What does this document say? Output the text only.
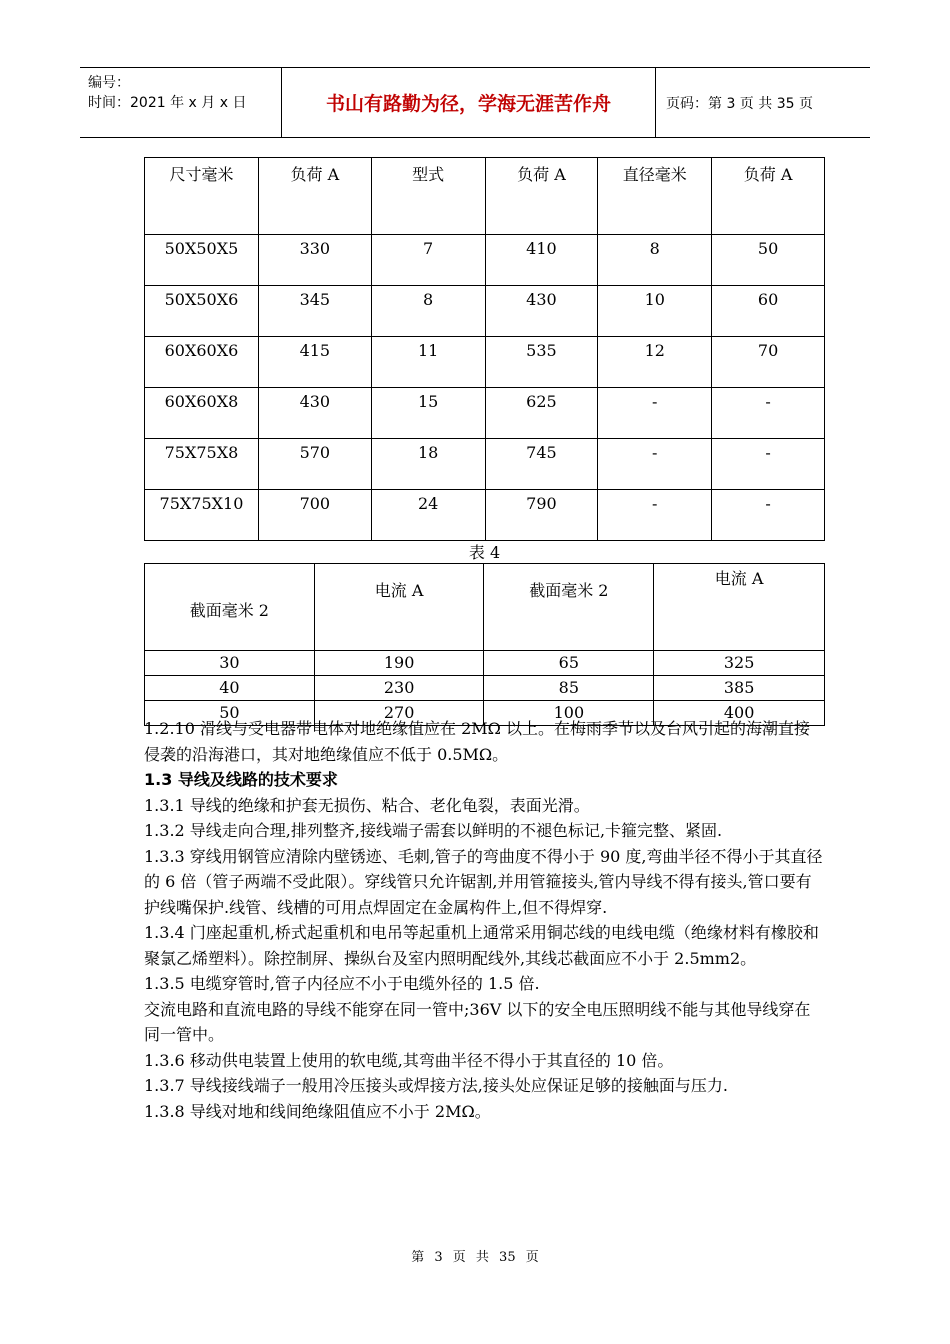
编号：
时间：2021 年 x 月 x 日	书山有路勤为径，学海无涯苦作舟	页码：第 3 页 共 35 页
尺寸毫米	负荷 A	型式	负荷 A	直径毫米	负荷 A
50X50X5	330	7	410	8	50
50X50X6	345	8	430	10	60
60X60X6	415	11	535	12	70
60X60X8	430	15	625	-	-
75X75X8	570	18	745	-	-
75X75X10	700	24	790	-	-
表 4
截面毫米 2	电流 A	截面毫米 2	电流 A
30	190	65	325
40	230	85	385
50	270	100	400

1.2.10 滑线与受电器带电体对地绝缘值应在 2MΩ 以上。在梅雨季节以及台风引起的海潮直接侵袭的沿海港口，其对地绝缘值应不低于 0.5MΩ。

1.3 导线及线路的技术要求

1.3.1 导线的绝缘和护套无损伤、粘合、老化龟裂，表面光滑。

1.3.2 导线走向合理,排列整齐,接线端子需套以鲜明的不褪色标记,卡箍完整、紧固.

1.3.3 穿线用钢管应清除内壁锈迹、毛刺,管子的弯曲度不得小于 90 度,弯曲半径不得小于其直径的 6 倍（管子两端不受此限）。穿线管只允许锯割,并用管箍接头,管内导线不得有接头,管口要有护线嘴保护.线管、线槽的可用点焊固定在金属构件上,但不得焊穿.

1.3.4 门座起重机,桥式起重机和电吊等起重机上通常采用铜芯线的电线电缆（绝缘材料有橡胶和聚氯乙烯塑料）。除控制屏、操纵台及室内照明配线外,其线芯截面应不小于 2.5mm2。

1.3.5 电缆穿管时,管子内径应不小于电缆外径的 1.5 倍.

交流电路和直流电路的导线不能穿在同一管中;36V 以下的安全电压照明线不能与其他导线穿在同一管中。

1.3.6 移动供电装置上使用的软电缆,其弯曲半径不得小于其直径的 10 倍。

1.3.7 导线接线端子一般用冷压接头或焊接方法,接头处应保证足够的接触面与压力.

1.3.8 导线对地和线间绝缘阻值应不小于 2MΩ。

第 3 页 共 35 页
